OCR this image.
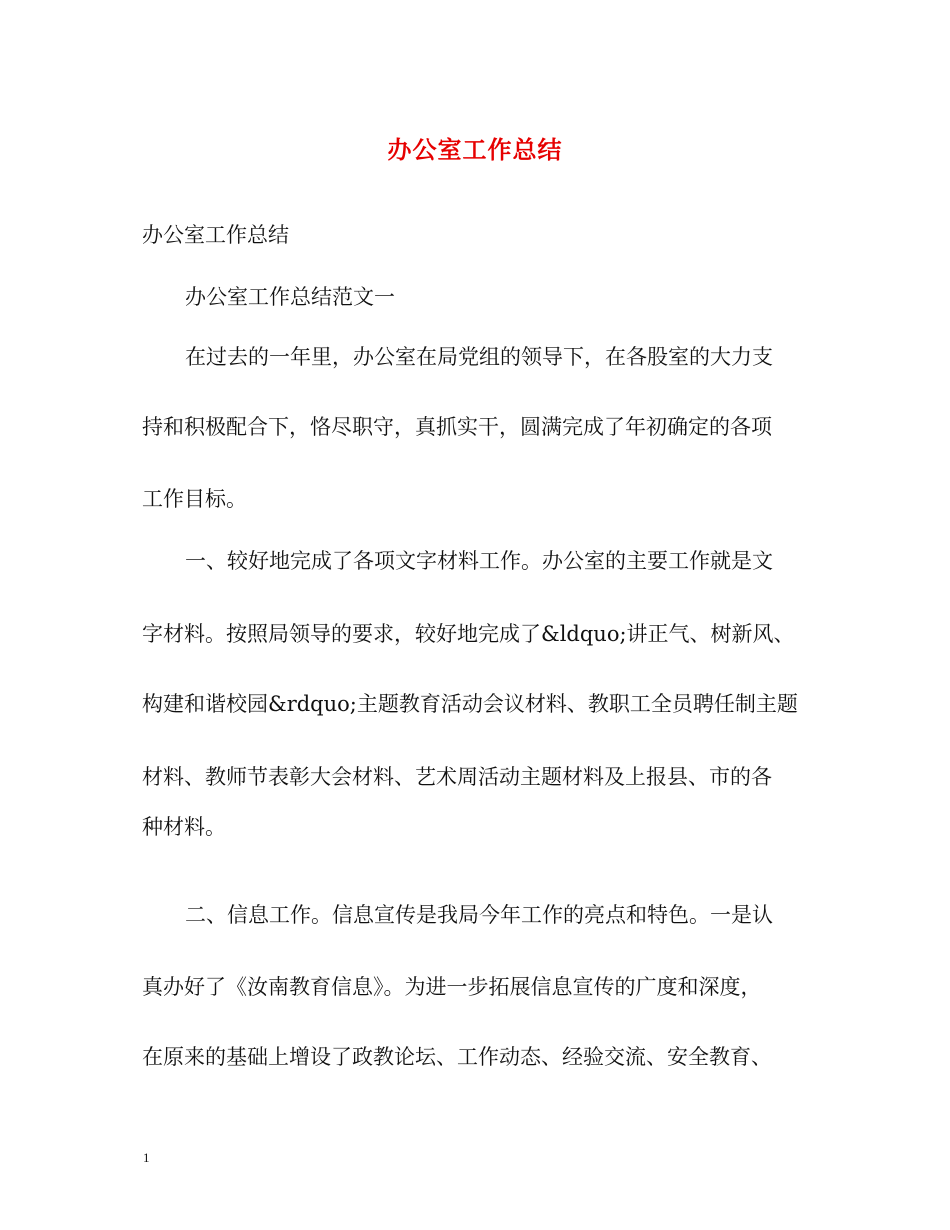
办公室工作总结
办公室工作总结
办公室工作总结范文一
在过去的一年里，办公室在局党组的领导下，在各股室的大力支
持和积极配合下，恪尽职守，真抓实干，圆满完成了年初确定的各项
工作目标。
一、较好地完成了各项文字材料工作。办公室的主要工作就是文
字材料。按照局领导的要求，较好地完成了&ldquo;讲正气、树新风、
构建和谐校园&rdquo;主题教育活动会议材料、教职工全员聘任制主题
材料、教师节表彰大会材料、艺术周活动主题材料及上报县、市的各
种材料。
二、信息工作。信息宣传是我局今年工作的亮点和特色。一是认
真办好了《汝南教育信息》。为进一步拓展信息宣传的广度和深度，
在原来的基础上增设了政教论坛、工作动态、经验交流、安全教育、
1
